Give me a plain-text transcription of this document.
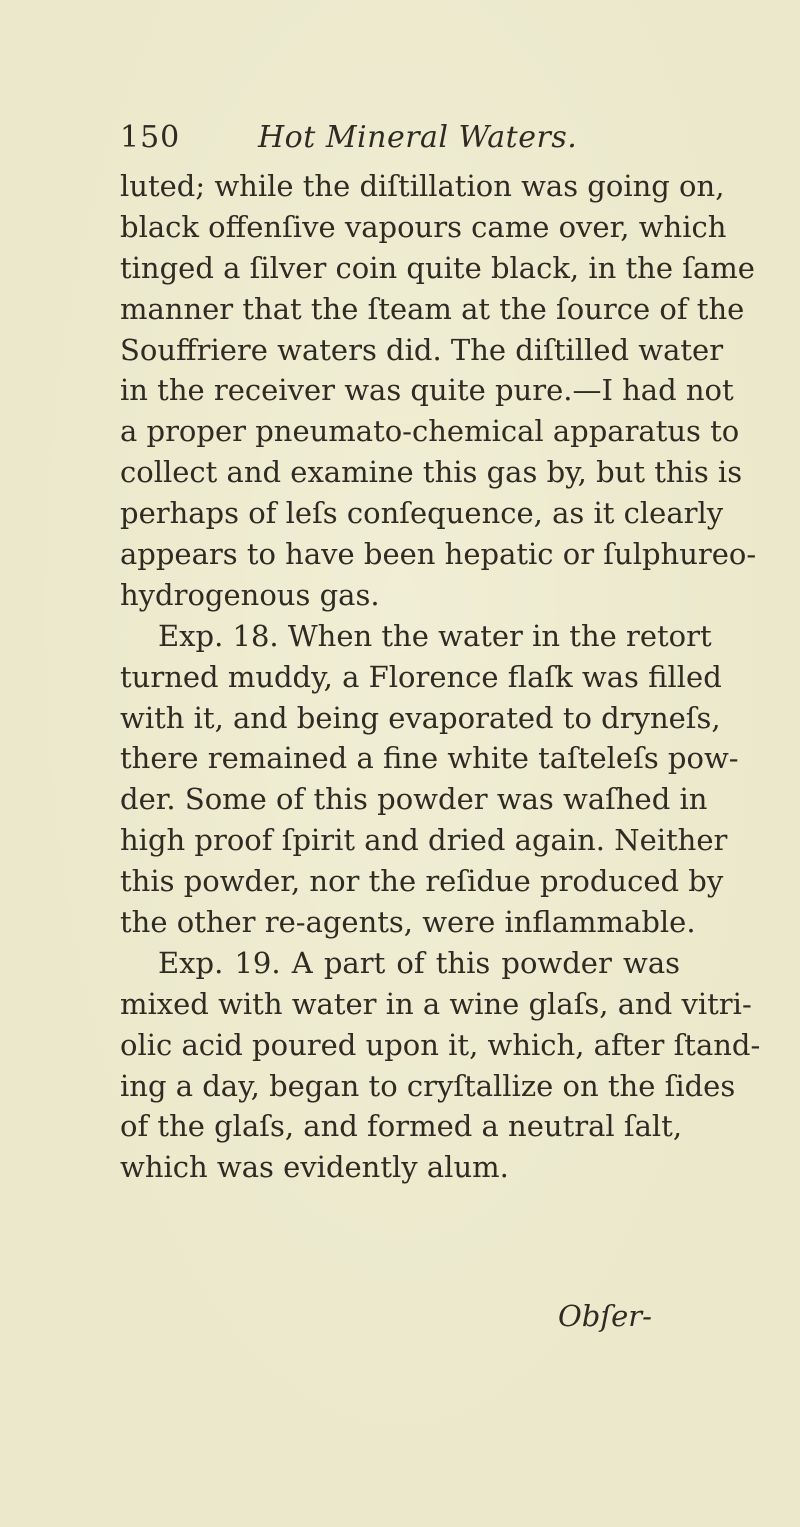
150	Hot Mineral Waters.
luted; while the diſtillation was going on,
black offenſive vapours came over, which
tinged a ſilver coin quite black, in the ſame
manner that the ſteam at the ſource of the
Souffriere waters did. The diſtilled water
in the receiver was quite pure.—I had not
a proper pneumato-chemical apparatus to
collect and examine this gas by, but this is
perhaps of leſs conſequence, as it clearly
appears to have been hepatic or ſulphureo-
hydrogenous gas.
Exp. 18. When the water in the retort
turned muddy, a Florence flaſk was filled
with it, and being evaporated to dryneſs,
there remained a fine white taſteleſs pow-
der. Some of this powder was waſhed in
high proof ſpirit and dried again. Neither
this powder, nor the reſidue produced by
the other re-agents, were inflammable.
Exp. 19. A part of this powder was
mixed with water in a wine glaſs, and vitri-
olic acid poured upon it, which, after ſtand-
ing a day, began to cryſtallize on the ſides
of the glaſs, and formed a neutral ſalt,
which was evidently alum.
Obſer-
